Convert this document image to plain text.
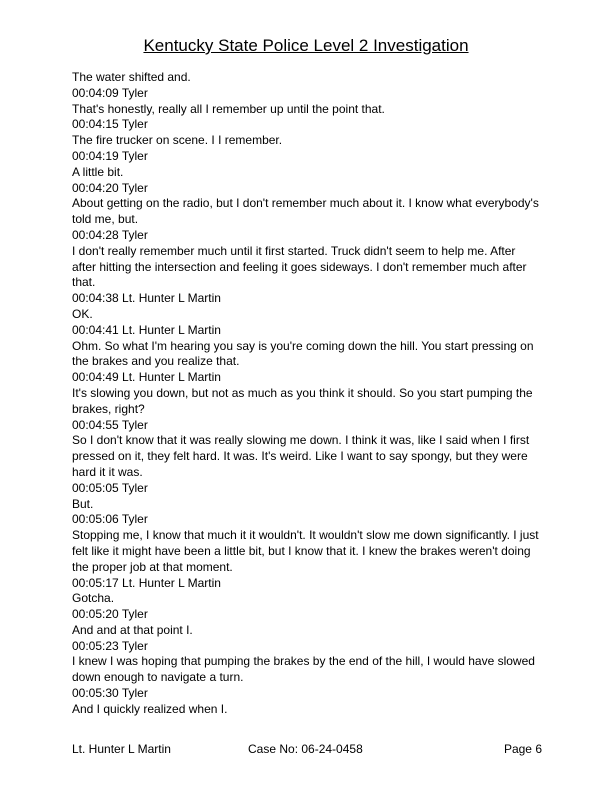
Kentucky State Police Level 2 Investigation

The water shifted and.

00:04:09 Tyler

That's honestly, really all I remember up until the point that.

00:04:15 Tyler

The fire trucker on scene. I I remember.

00:04:19 Tyler

A little bit.

00:04:20 Tyler

About getting on the radio, but I don't remember much about it. I know what everybody's told me, but.

00:04:28 Tyler

I don't really remember much until it first started. Truck didn't seem to help me. After after hitting the intersection and feeling it goes sideways. I don't remember much after that.

00:04:38 Lt. Hunter L Martin

OK.

00:04:41 Lt. Hunter L Martin

Ohm. So what I'm hearing you say is you're coming down the hill. You start pressing on the brakes and you realize that.

00:04:49 Lt. Hunter L Martin

It's slowing you down, but not as much as you think it should. So you start pumping the brakes, right?

00:04:55 Tyler

So I don't know that it was really slowing me down. I think it was, like I said when I first pressed on it, they felt hard. It was. It's weird. Like I want to say spongy, but they were hard it it was.

00:05:05 Tyler

But.

00:05:06 Tyler

Stopping me, I know that much it it wouldn't. It wouldn't slow me down significantly. I just felt like it might have been a little bit, but I know that it. I knew the brakes weren't doing the proper job at that moment.

00:05:17 Lt. Hunter L Martin

Gotcha.

00:05:20 Tyler

And and at that point I.

00:05:23 Tyler

I knew I was hoping that pumping the brakes by the end of the hill, I would have slowed down enough to navigate a turn.

00:05:30 Tyler

And I quickly realized when I.

Lt. Hunter L Martin	Case No: 06-24-0458	Page 6
